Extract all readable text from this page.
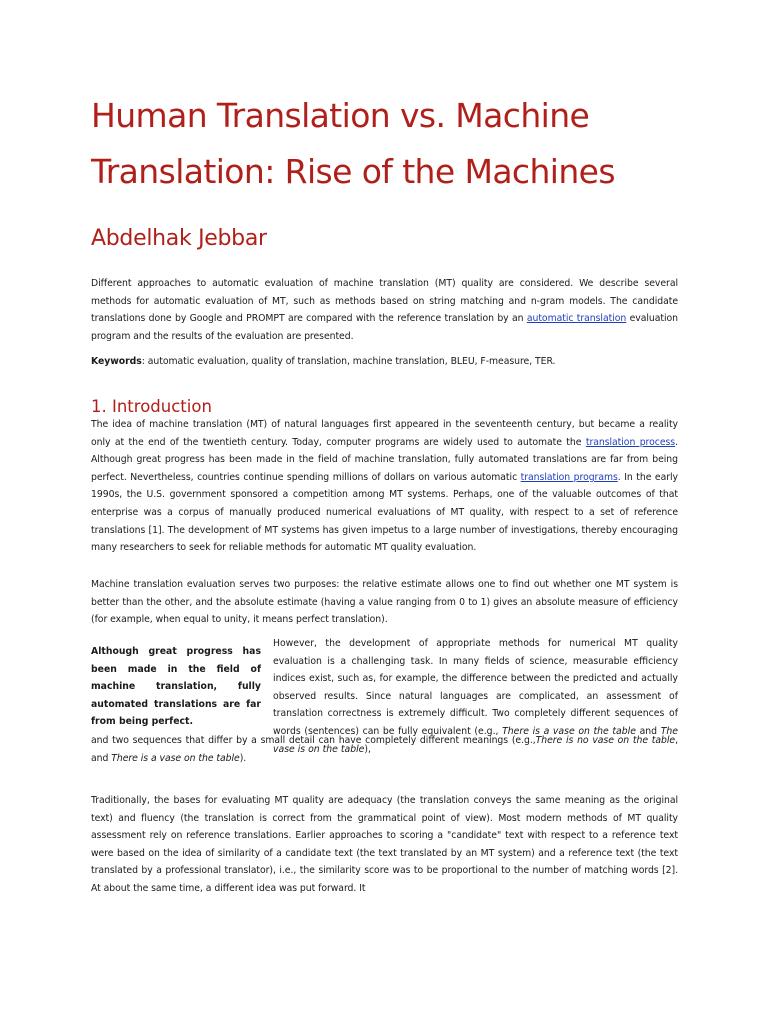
Human Translation vs. Machine Translation: Rise of the Machines
Abdelhak Jebbar

Different approaches to automatic evaluation of machine translation (MT) quality are considered. We describe several methods for automatic evaluation of MT, such as methods based on string matching and n-gram models. The candidate translations done by Google and PROMPT are compared with the reference translation by an automatic translation evaluation program and the results of the evaluation are presented.

Keywords: automatic evaluation, quality of translation, machine translation, BLEU, F-measure, TER.

1. Introduction

The idea of machine translation (MT) of natural languages first appeared in the seventeenth century, but became a reality only at the end of the twentieth century. Today, computer programs are widely used to automate the translation process. Although great progress has been made in the field of machine translation, fully automated translations are far from being perfect. Nevertheless, countries continue spending millions of dollars on various automatic translation programs. In the early 1990s, the U.S. government sponsored a competition among MT systems. Perhaps, one of the valuable outcomes of that enterprise was a corpus of manually produced numerical evaluations of MT quality, with respect to a set of reference translations [1]. The development of MT systems has given impetus to a large number of investigations, thereby encouraging many researchers to seek for reliable methods for automatic MT quality evaluation.

Machine translation evaluation serves two purposes: the relative estimate allows one to find out whether one MT system is better than the other, and the absolute estimate (having a value ranging from 0 to 1) gives an absolute measure of efficiency (for example, when equal to unity, it means perfect translation).

Although great progress has been made in the field of machine translation, fully automated translations are far from being perfect.

However, the development of appropriate methods for numerical MT quality evaluation is a challenging task. In many fields of science, measurable efficiency indices exist, such as, for example, the difference between the predicted and actually observed results. Since natural languages are complicated, an assessment of translation correctness is extremely difficult. Two completely different sequences of words (sentences) can be fully equivalent (e.g., There is a vase on the table and The vase is on the table),

and two sequences that differ by a small detail can have completely different meanings (e.g.,There is no vase on the table, and There is a vase on the table).

Traditionally, the bases for evaluating MT quality are adequacy (the translation conveys the same meaning as the original text) and fluency (the translation is correct from the grammatical point of view). Most modern methods of MT quality assessment rely on reference translations. Earlier approaches to scoring a "candidate" text with respect to a reference text were based on the idea of similarity of a candidate text (the text translated by an MT system) and a reference text (the text translated by a professional translator), i.e., the similarity score was to be proportional to the number of matching words [2]. At about the same time, a different idea was put forward. It
